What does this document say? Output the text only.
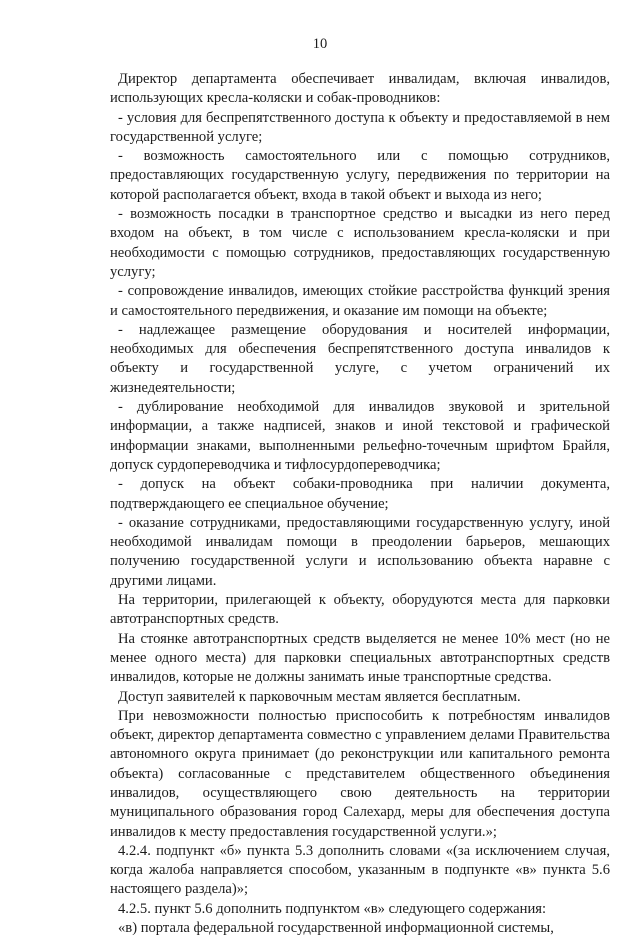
10

Директор департамента обеспечивает инвалидам, включая инвалидов, использующих кресла-коляски и собак-проводников:

- условия для беспрепятственного доступа к объекту и предоставляемой в нем государственной услуге;

- возможность самостоятельного или с помощью сотрудников, предоставляющих государственную услугу, передвижения по территории на которой располагается объект, входа в такой объект и выхода из него;

- возможность посадки в транспортное средство и высадки из него перед входом на объект, в том числе с использованием кресла-коляски и при необходимости с помощью сотрудников, предоставляющих государственную услугу;

- сопровождение инвалидов, имеющих стойкие расстройства функций зрения и самостоятельного передвижения, и оказание им помощи на объекте;

- надлежащее размещение оборудования и носителей информации, необходимых для обеспечения беспрепятственного доступа инвалидов к объекту и государственной услуге, с учетом ограничений их жизнедеятельности;

- дублирование необходимой для инвалидов звуковой и зрительной информации, а также надписей, знаков и иной текстовой и графической информации знаками, выполненными рельефно-точечным шрифтом Брайля, допуск сурдопереводчика и тифлосурдопереводчика;

- допуск на объект собаки-проводника при наличии документа, подтверждающего ее специальное обучение;

- оказание сотрудниками, предоставляющими государственную услугу, иной необходимой инвалидам помощи в преодолении барьеров, мешающих получению государственной услуги и использованию объекта наравне с другими лицами.

На территории, прилегающей к объекту, оборудуются места для парковки автотранспортных средств.

На стоянке автотранспортных средств выделяется не менее 10% мест (но не менее одного места) для парковки специальных автотранспортных средств инвалидов, которые не должны занимать иные транспортные средства.

Доступ заявителей к парковочным местам является бесплатным.

При невозможности полностью приспособить к потребностям инвалидов объект, директор департамента совместно с управлением делами Правительства автономного округа принимает (до реконструкции или капитального ремонта объекта) согласованные с представителем общественного объединения инвалидов, осуществляющего свою деятельность на территории муниципального образования город Салехард, меры для обеспечения доступа инвалидов к месту предоставления государственной услуги.»;

4.2.4. подпункт «б» пункта 5.3 дополнить словами «(за исключением случая, когда жалоба направляется способом, указанным в подпункте «в» пункта 5.6 настоящего раздела)»;

4.2.5. пункт 5.6 дополнить подпунктом «в» следующего содержания:

«в) портала федеральной государственной информационной системы,
